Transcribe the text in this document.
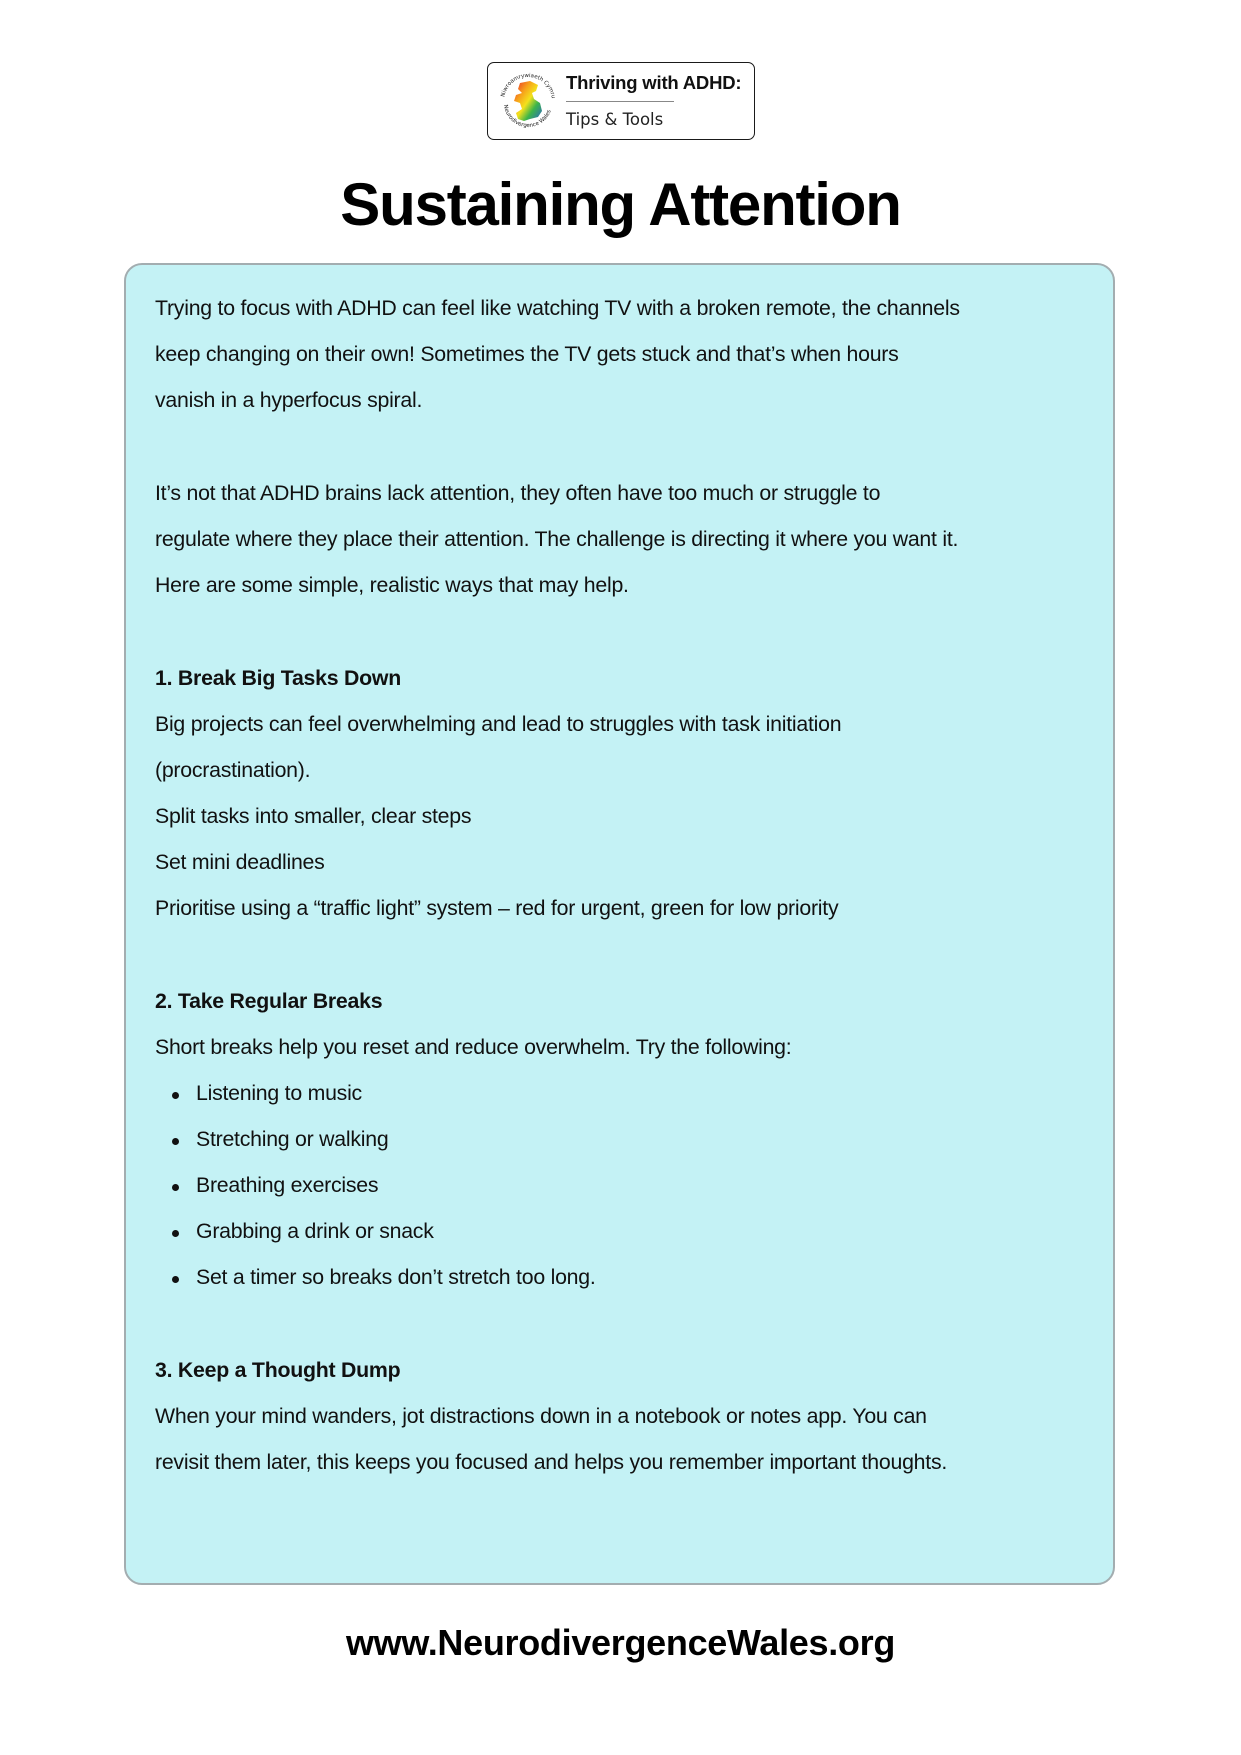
Niwroamrywiaeth Cymru
Neurodivergence Wales
Thriving with ADHD:
Tips & Tools
Sustaining Attention
Trying to focus with ADHD can feel like watching TV with a broken remote, the channels
keep changing on their own! Sometimes the TV gets stuck and that’s when hours
vanish in a hyperfocus spiral.
It’s not that ADHD brains lack attention, they often have too much or struggle to
regulate where they place their attention. The challenge is directing it where you want it.
Here are some simple, realistic ways that may help.
1. Break Big Tasks Down
Big projects can feel overwhelming and lead to struggles with task initiation
(procrastination).
Split tasks into smaller, clear steps
Set mini deadlines
Prioritise using a “traffic light” system – red for urgent, green for low priority
2. Take Regular Breaks
Short breaks help you reset and reduce overwhelm. Try the following:
Listening to music
Stretching or walking
Breathing exercises
Grabbing a drink or snack
Set a timer so breaks don’t stretch too long.
3. Keep a Thought Dump
When your mind wanders, jot distractions down in a notebook or notes app. You can
revisit them later, this keeps you focused and helps you remember important thoughts.
www.NeurodivergenceWales.org
